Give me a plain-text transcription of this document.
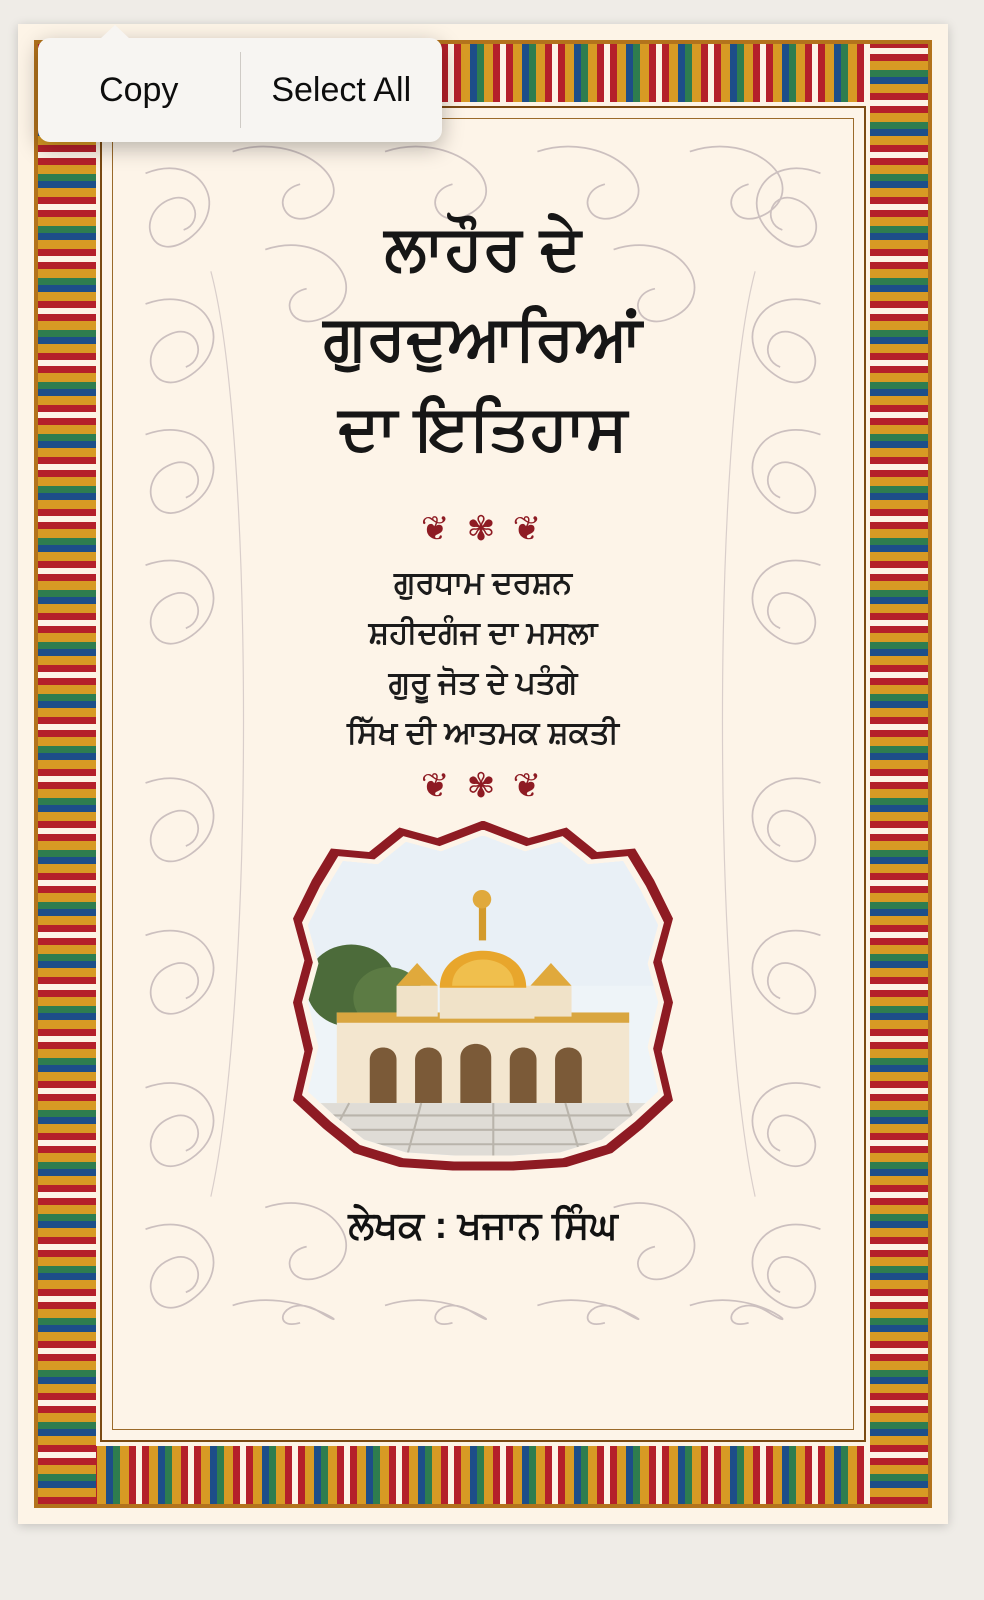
ਲਾਹੌਰ ਦੇ
ਗੁਰਦੁਆਰਿਆਂ
ਦਾ ਇਤਿਹਾਸ
❦ ✾ ❦
ਗੁਰਧਾਮ ਦਰਸ਼ਨ
ਸ਼ਹੀਦਗੰਜ ਦਾ ਮਸਲਾ
ਗੁਰੂ ਜੋਤ ਦੇ ਪਤੰਗੇ
ਸਿੱਖ ਦੀ ਆਤਮਕ ਸ਼ਕਤੀ
❦ ✾ ❦
ਲੇਖਕ : ਖਜਾਨ ਸਿੰਘ
Copy	Select All
